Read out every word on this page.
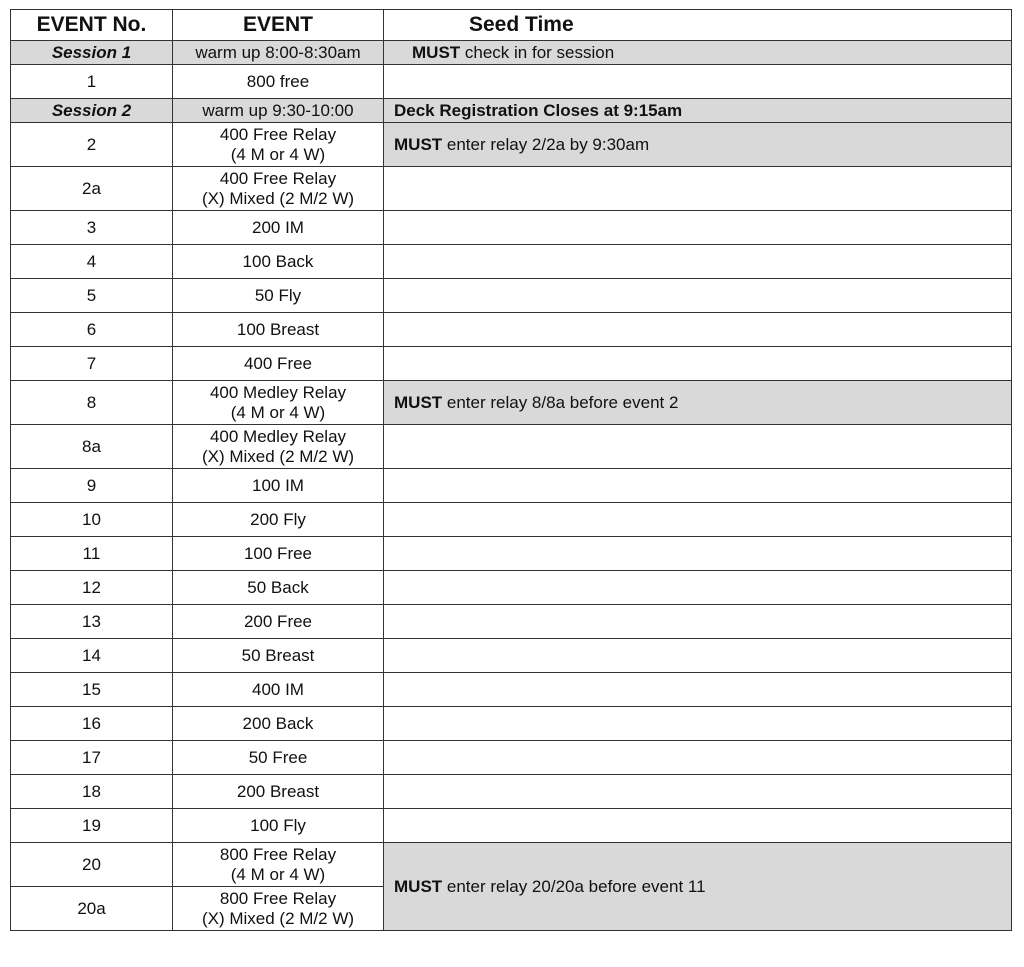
EVENT No.	EVENT	Seed Time
Session 1	warm up 8:00-8:30am	MUST check in for session
1	800 free	
Session 2	warm up 9:30-10:00	Deck Registration Closes at 9:15am
2	400 Free Relay
(4 M or 4 W)	MUST enter relay 2/2a by 9:30am
2a	400 Free Relay
(X) Mixed (2 M/2 W)	

3	200 IM	
4	100 Back	
5	50 Fly	
6	100 Breast	
7	400 Free	
8	400 Medley Relay
(4 M or 4 W)	MUST enter relay 8/8a before event 2
8a	400 Medley Relay
(X) Mixed (2 M/2 W)	

9	100 IM	
10	200 Fly	
11	100 Free	
12	50 Back	
13	200 Free	
14	50 Breast	
15	400 IM	
16	200 Back	
17	50 Free	
18	200 Breast	
19	100 Fly	
20	800 Free Relay
(4 M or 4 W)	MUST enter relay 20/20a before event 11
20a	800 Free Relay
(X) Mixed (2 M/2 W)	
